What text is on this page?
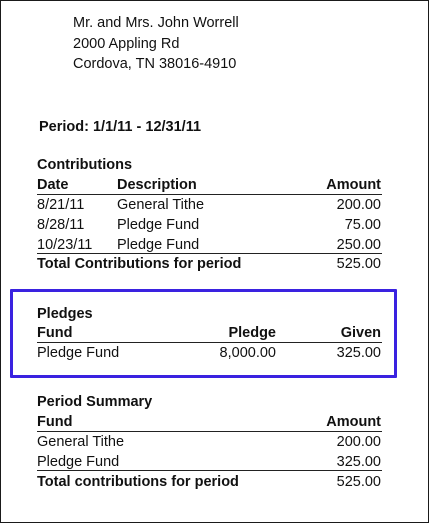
Mr. and Mrs. John Worrell
2000 Appling Rd
Cordova, TN 38016-4910
Period: 1/1/11 - 12/31/11
Contributions
Date	Description	Amount
8/21/11 General Tithe	200.00
8/28/11 Pledge Fund	75.00
10/23/11 Pledge Fund	250.00
Total Contributions for period	525.00
Pledges
Fund	Pledge	Given
Pledge Fund	8,000.00	325.00
Period Summary
Fund	Amount
General Tithe	200.00
Pledge Fund	325.00
Total contributions for period	525.00
